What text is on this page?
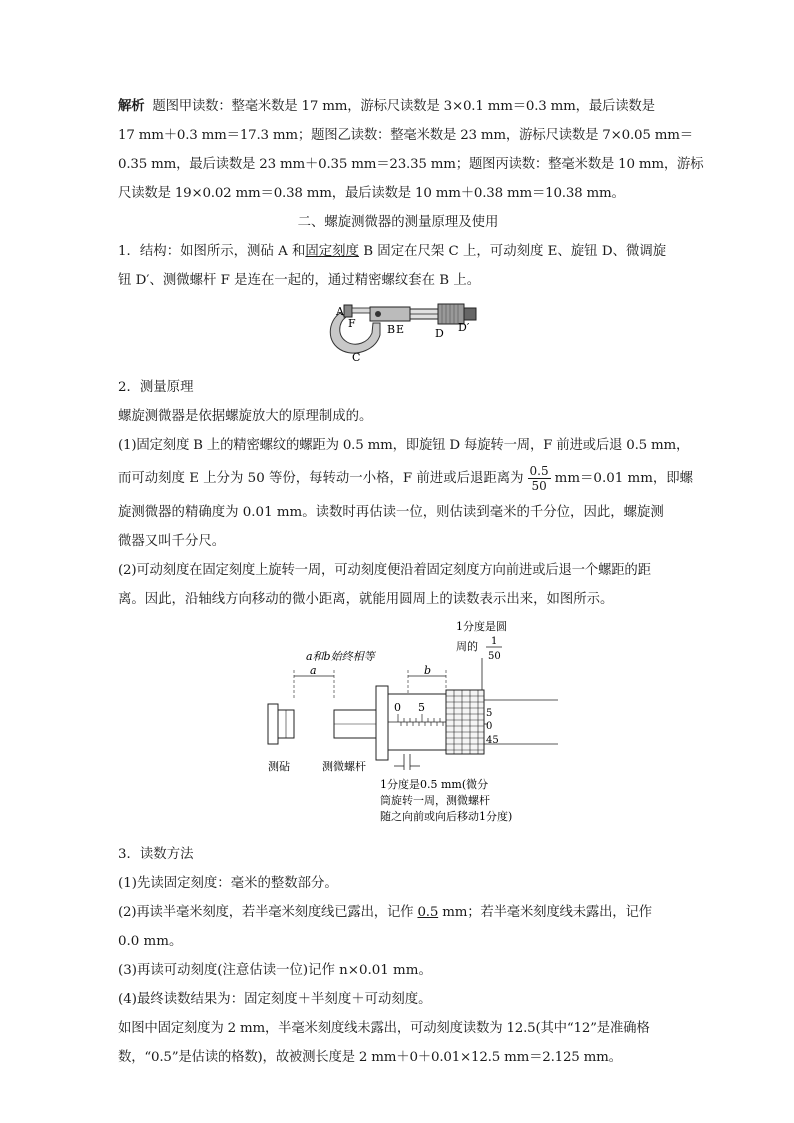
解析 题图甲读数：整毫米数是 17 mm，游标尺读数是 3×0.1 mm＝0.3 mm，最后读数是

17 mm＋0.3 mm＝17.3 mm；题图乙读数：整毫米数是 23 mm，游标尺读数是 7×0.05 mm＝

0.35 mm，最后读数是 23 mm＋0.35 mm＝23.35 mm；题图丙读数：整毫米数是 10 mm，游标

尺读数是 19×0.02 mm＝0.38 mm，最后读数是 10 mm＋0.38 mm＝10.38 mm。

二、螺旋测微器的测量原理及使用

1．结构：如图所示，测砧 A 和固定刻度 B 固定在尺架 C 上，可动刻度 E、旋钮 D、微调旋

钮 D′、测微螺杆 F 是连在一起的，通过精密螺纹套在 B 上。

A
F	B E	D D′
C

2．测量原理

螺旋测微器是依据螺旋放大的原理制成的。

(1)固定刻度 B 上的精密螺纹的螺距为 0.5 mm，即旋钮 D 每旋转一周，F 前进或后退 0.5 mm，

而可动刻度 E 上分为 50 等份，每转动一小格，F 前进或后退距离为 $\frac{0.5}{50} mm=0.01$ mm，即螺

旋测微器的精确度为 0.01 mm。读数时再估读一位，则估读到毫米的千分位，因此，螺旋测

微器又叫千分尺。

(2)可动刻度在固定刻度上旋转一周，可动刻度便沿着固定刻度方向前进或后退一个螺距的距

离。因此，沿轴线方向移动的微小距离，就能用圆周上的读数表示出来，如图所示。

1分度是圆
周的 1
50
a和b始终相等
a	b
0 5	5
0
45
测砧	测微螺杆
1分度是0.5 mm(微分
筒旋转一周，测微螺杆
随之向前或向后移动1分度)

3．读数方法

(1)先读固定刻度：毫米的整数部分。

(2)再读半毫米刻度，若半毫米刻度线已露出，记作 0.5 mm；若半毫米刻度线未露出，记作

0.0 mm。

(3)再读可动刻度(注意估读一位)记作 n×0.01 mm。

(4)最终读数结果为：固定刻度＋半刻度＋可动刻度。

如图中固定刻度为 2 mm，半毫米刻度线未露出，可动刻度读数为 12.5(其中“12”是准确格

数，“0.5”是估读的格数)，故被测长度是 2 mm＋0＋0.01×12.5 mm＝2.125 mm。
